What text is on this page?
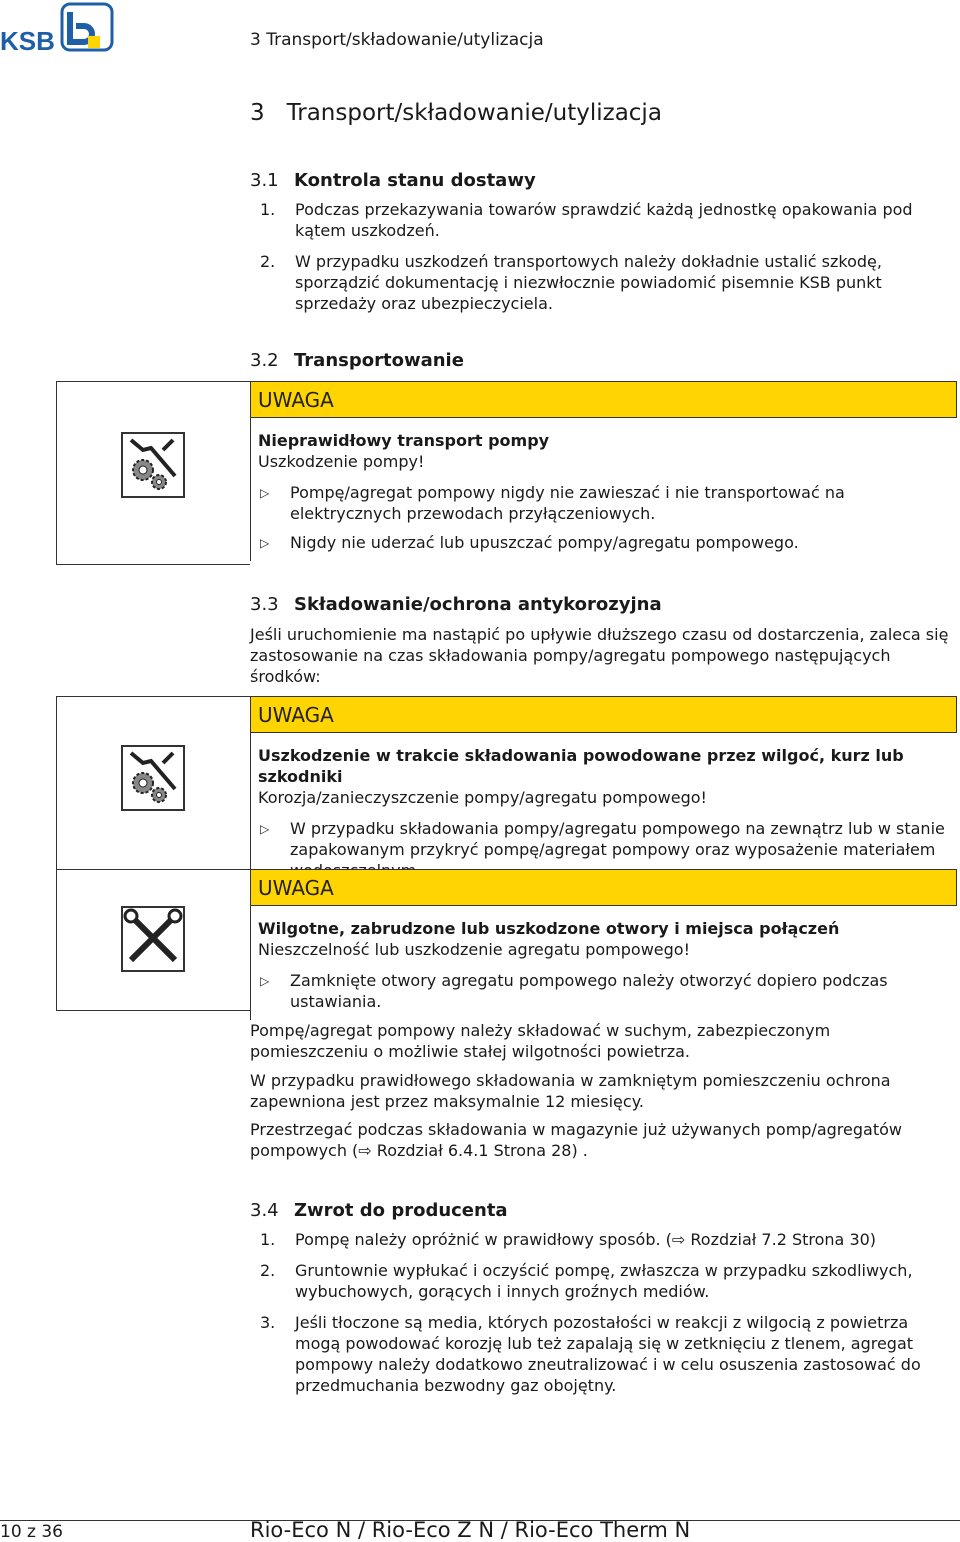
KSB	3 Transport/składowanie/utylizacja
3 Transport/składowanie/utylizacja
3.1 Kontrola stanu dostawy
1. Podczas przekazywania towarów sprawdzić każdą jednostkę opakowania pod kątem uszkodzeń.
2. W przypadku uszkodzeń transportowych należy dokładnie ustalić szkodę, sporządzić dokumentację i niezwłocznie powiadomić pisemnie KSB punkt sprzedaży oraz ubezpieczyciela.
3.2 Transportowanie
UWAGA
Nieprawidłowy transport pompy
Uszkodzenie pompy!
▷ Pompę/agregat pompowy nigdy nie zawieszać i nie transportować na elektrycznych przewodach przyłączeniowych.
▷ Nigdy nie uderzać lub upuszczać pompy/agregatu pompowego.
3.3 Składowanie/ochrona antykorozyjna
Jeśli uruchomienie ma nastąpić po upływie dłuższego czasu od dostarczenia, zaleca się zastosowanie na czas składowania pompy/agregatu pompowego następujących środków:
UWAGA
Uszkodzenie w trakcie składowania powodowane przez wilgoć, kurz lub szkodniki
Korozja/zanieczyszczenie pompy/agregatu pompowego!
▷ W przypadku składowania pompy/agregatu pompowego na zewnątrz lub w stanie zapakowanym przykryć pompę/agregat pompowy oraz wyposażenie materiałem
UWAGA
Wilgotne, zabrudzone lub uszkodzone otwory i miejsca połączeń
Nieszczelność lub uszkodzenie agregatu pompowego!
▷ Zamknięte otwory agregatu pompowego należy otworzyć dopiero podczas ustawiania.
Pompę/agregat pompowy należy składować w suchym, zabezpieczonym pomieszczeniu o możliwie stałej wilgotności powietrza.
W przypadku prawidłowego składowania w zamkniętym pomieszczeniu ochrona zapewniona jest przez maksymalnie 12 miesięcy.
Przestrzegać podczas składowania w magazynie już używanych pomp/agregatów pompowych (⇨ Rozdział 6.4.1 Strona 28) .
3.4 Zwrot do producenta
1. Pompę należy opróżnić w prawidłowy sposób. (⇨ Rozdział 7.2 Strona 30)
2. Gruntownie wypłukać i oczyścić pompę, zwłaszcza w przypadku szkodliwych, wybuchowych, gorących i innych groźnych mediów.
3. Jeśli tłoczone są media, których pozostałości w reakcji z wilgocią z powietrza mogą powodować korozję lub też zapalają się w zetknięciu z tlenem, agregat pompowy należy dodatkowo zneutralizować i w celu osuszenia zastosować do przedmuchania bezwodny gaz obojętny.
10 z 36	Rio-Eco N / Rio-Eco Z N / Rio-Eco Therm N
